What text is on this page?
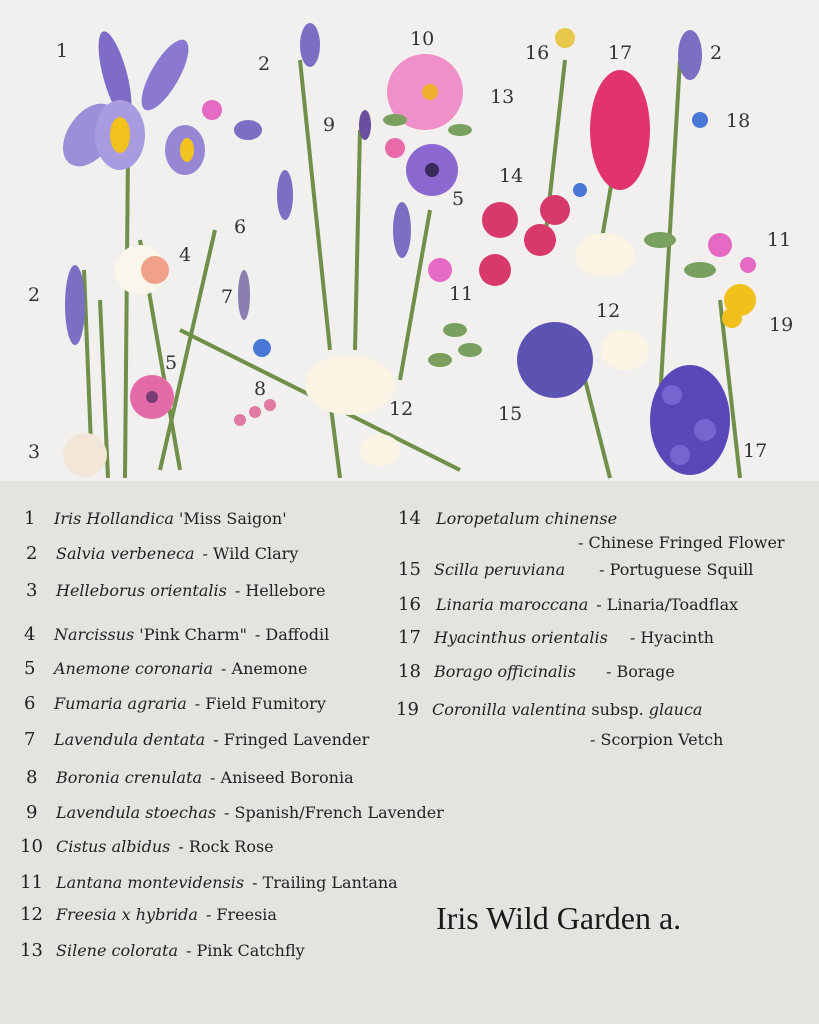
1
2
3
2
4
5
6
7
8
9
10
12
13
14
5
11
15
16	17	2
18
11
12
19
17
1 Iris Hollandica 'Miss Saigon'
2 Salvia verbeneca - Wild Clary
3 Helleborus orientalis - Hellebore
4 Narcissus 'Pink Charm" - Daffodil
5 Anemone coronaria - Anemone
6 Fumaria agraria - Field Fumitory
7 Lavendula dentata - Fringed Lavender
8 Boronia crenulata - Aniseed Boronia
9 Lavendula stoechas - Spanish/French Lavender
10 Cistus albidus - Rock Rose
11 Lantana montevidensis - Trailing Lantana
12 Freesia x hybrida - Freesia
13 Silene colorata - Pink Catchfly
14 Loropetalum chinense
- Chinese Fringed Flower
15 Scilla peruviana - Portuguese Squill
16 Linaria maroccana - Linaria/Toadflax
17 Hyacinthus orientalis - Hyacinth
18 Borago officinalis - Borage
19 Coronilla valentina subsp. glauca
- Scorpion Vetch
Iris Wild Garden a.
